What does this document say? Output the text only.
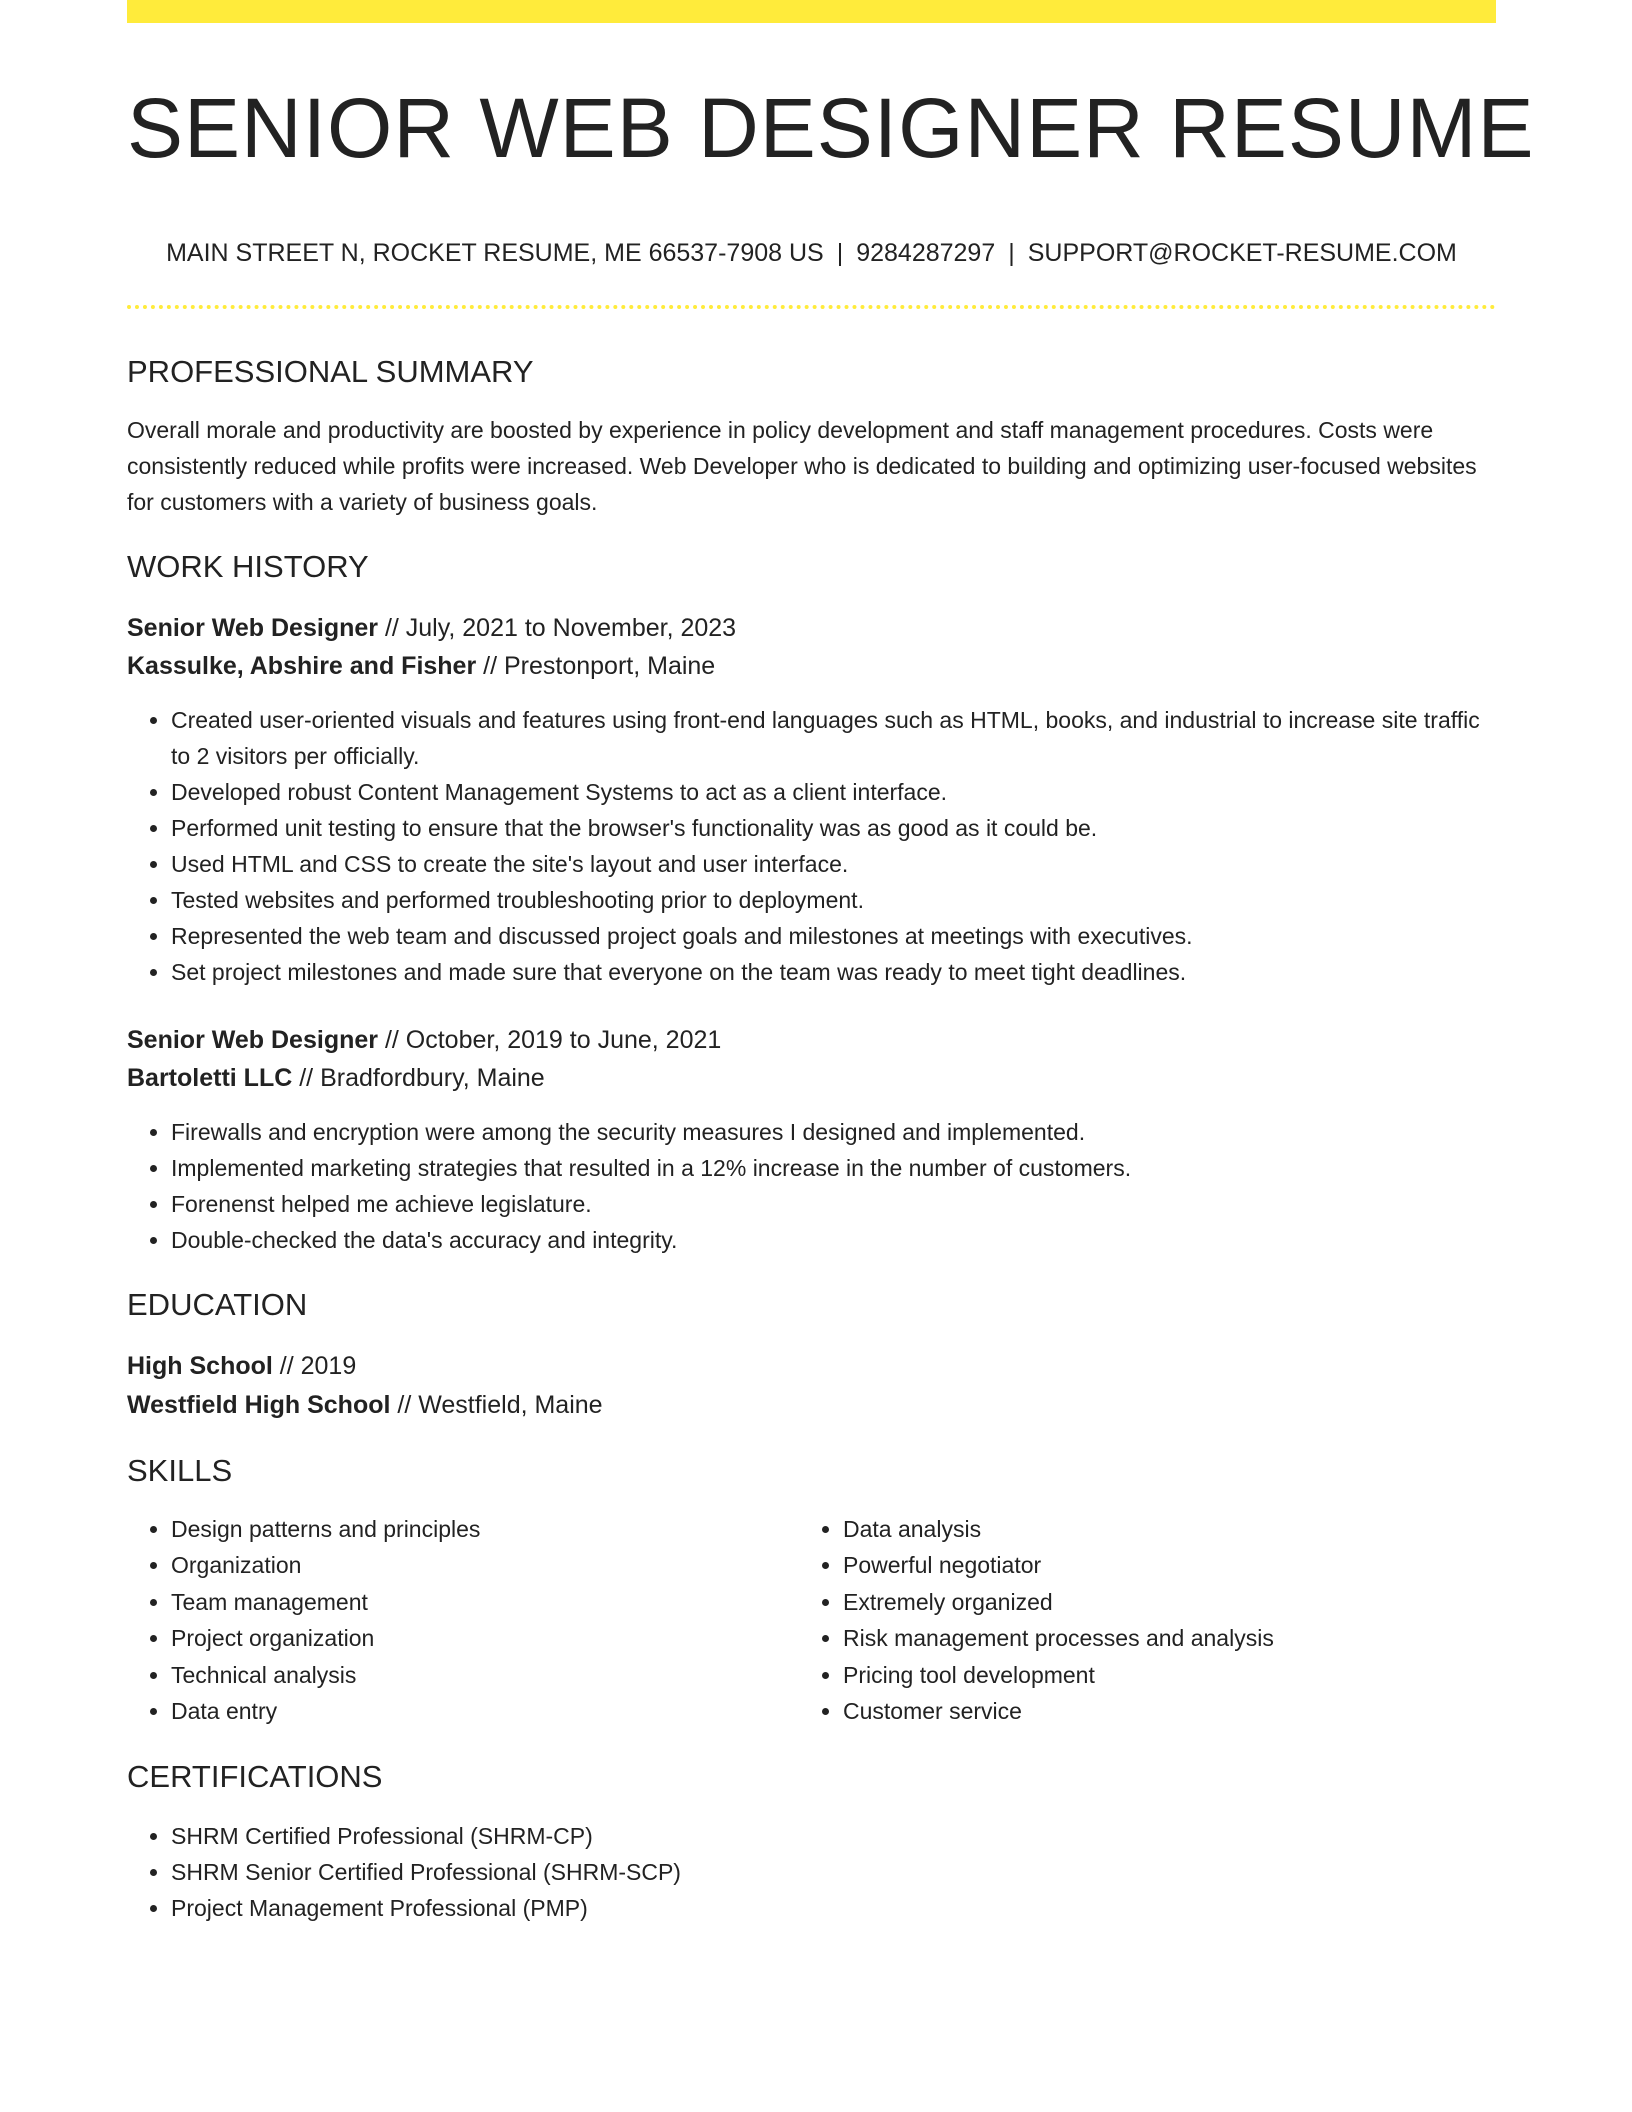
SENIOR WEB DESIGNER RESUME
MAIN STREET N, ROCKET RESUME, ME 66537-7908 US | 9284287297 | SUPPORT@ROCKET-RESUME.COM
PROFESSIONAL SUMMARY
Overall morale and productivity are boosted by experience in policy development and staff management procedures. Costs were consistently reduced while profits were increased. Web Developer who is dedicated to building and optimizing user-focused websites for customers with a variety of business goals.
WORK HISTORY
Senior Web Designer // July, 2021 to November, 2023
Kassulke, Abshire and Fisher // Prestonport, Maine
• Created user-oriented visuals and features using front-end languages such as HTML, books, and industrial to increase site traffic to 2 visitors per officially.
• Developed robust Content Management Systems to act as a client interface.
• Performed unit testing to ensure that the browser's functionality was as good as it could be.
• Used HTML and CSS to create the site's layout and user interface.
• Tested websites and performed troubleshooting prior to deployment.
• Represented the web team and discussed project goals and milestones at meetings with executives.
• Set project milestones and made sure that everyone on the team was ready to meet tight deadlines.
Senior Web Designer // October, 2019 to June, 2021
Bartoletti LLC // Bradfordbury, Maine
• Firewalls and encryption were among the security measures I designed and implemented.
• Implemented marketing strategies that resulted in a 12% increase in the number of customers.
• Forenenst helped me achieve legislature.
• Double-checked the data's accuracy and integrity.
EDUCATION
High School // 2019
Westfield High School // Westfield, Maine
SKILLS
• Design patterns and principles
• Organization
• Team management
• Project organization
• Technical analysis
• Data entry
• Data analysis
• Powerful negotiator
• Extremely organized
• Risk management processes and analysis
• Pricing tool development
• Customer service
CERTIFICATIONS
• SHRM Certified Professional (SHRM-CP)
• SHRM Senior Certified Professional (SHRM-SCP)
• Project Management Professional (PMP)
